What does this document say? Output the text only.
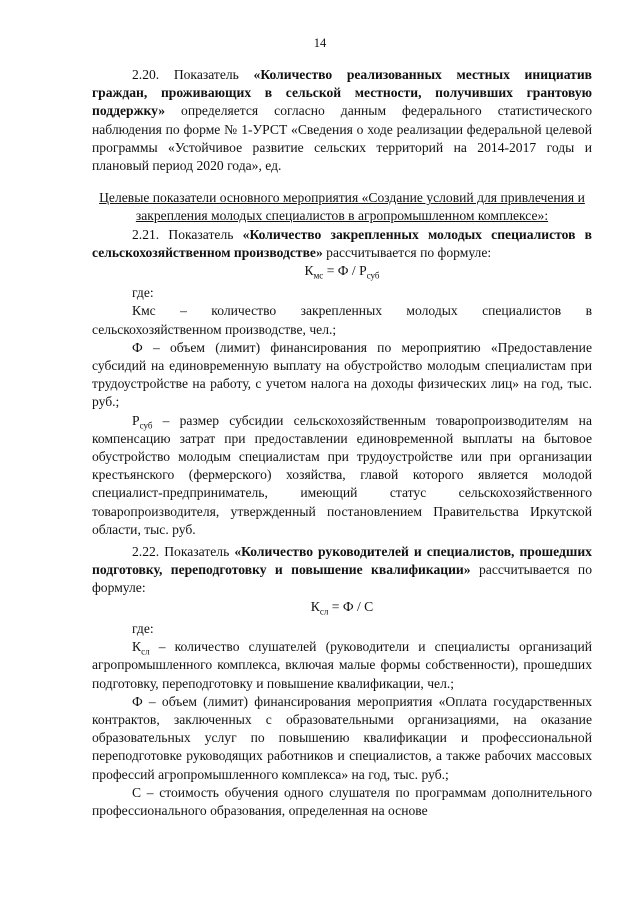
14

2.20. Показатель «Количество реализованных местных инициатив граждан, проживающих в сельской местности, получивших грантовую поддержку» определяется согласно данным федерального статистического наблюдения по форме № 1-УРСТ «Сведения о ходе реализации федеральной целевой программы «Устойчивое развитие сельских территорий на 2014-2017 годы и плановый период 2020 года», ед.

Целевые показатели основного мероприятия «Создание условий для привлечения и закрепления молодых специалистов в агропромышленном комплексе»:

2.21. Показатель «Количество закрепленных молодых специалистов в сельскохозяйственном производстве» рассчитывается по формуле:

$К_{мс} = Ф / Р_{суб}$

где:

Кмс – количество закрепленных молодых специалистов в сельскохозяйственном производстве, чел.;

Ф – объем (лимит) финансирования по мероприятию «Предоставление субсидий на единовременную выплату на обустройство молодым специалистам при трудоустройстве на работу, с учетом налога на доходы физических лиц» на год, тыс. руб.;

$Р_{суб}$ – размер субсидии сельскохозяйственным товаропроизводителям на компенсацию затрат при предоставлении единовременной выплаты на бытовое обустройство молодым специалистам при трудоустройстве или при организации крестьянского (фермерского) хозяйства, главой которого является молодой специалист-предприниматель, имеющий статус сельскохозяйственного товаропроизводителя, утвержденный постановлением Правительства Иркутской области, тыс. руб.

2.22. Показатель «Количество руководителей и специалистов, прошедших подготовку, переподготовку и повышение квалификации» рассчитывается по формуле:

$К_{сл} = Ф / С$

где:

$К_{сл}$ – количество слушателей (руководители и специалисты организаций агропромышленного комплекса, включая малые формы собственности), прошедших подготовку, переподготовку и повышение квалификации, чел.;

Ф – объем (лимит) финансирования мероприятия «Оплата государственных контрактов, заключенных с образовательными организациями, на оказание образовательных услуг по повышению квалификации и профессиональной переподготовке руководящих работников и специалистов, а также рабочих массовых профессий агропромышленного комплекса» на год, тыс. руб.;

С – стоимость обучения одного слушателя по программам дополнительного профессионального образования, определенная на основе
